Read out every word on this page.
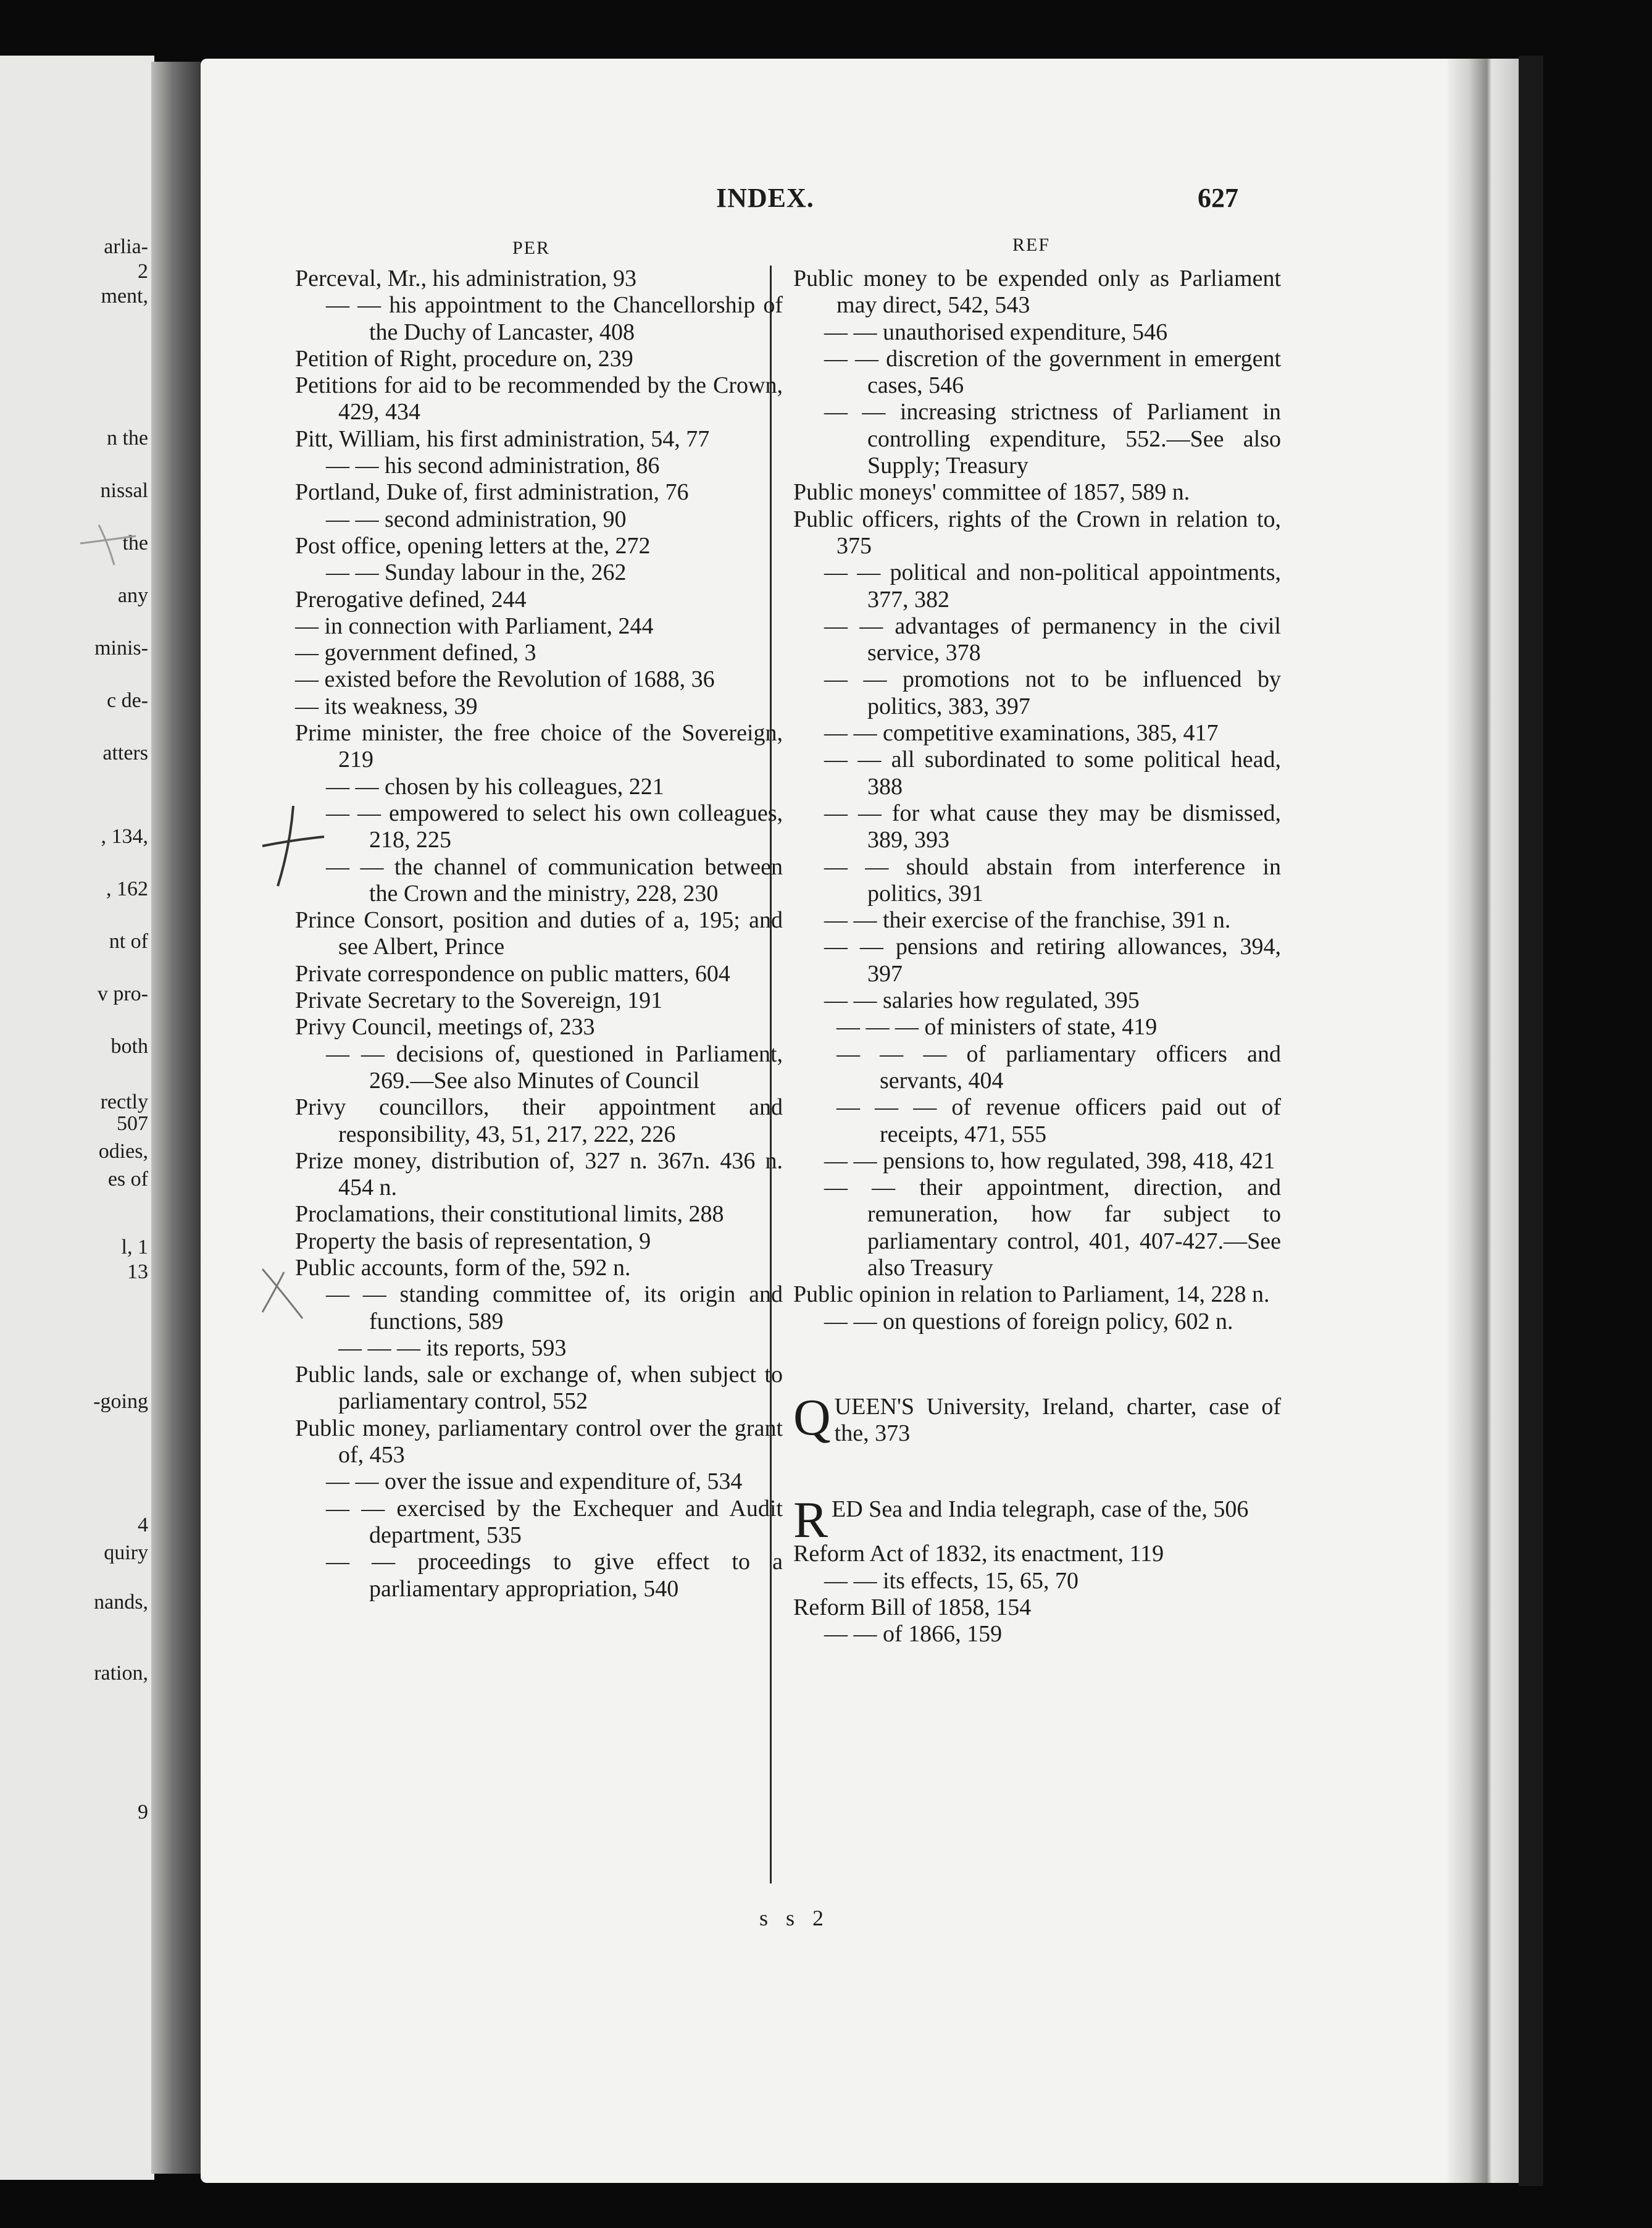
arlia-
2
ment,
n the
nissal
the
any
minis-
c de-
atters
, 134,
, 162
nt of
v pro-
both
rectly
507
odies,
es of
l, 1
13
-going
4
quiry
nands,
ration,
9
INDEX.	627
PER	REF
Perceval, Mr., his administration, 93
— — his appointment to the Chancellorship of the Duchy of Lancaster, 408
Petition of Right, procedure on, 239
Petitions for aid to be recommended by the Crown, 429, 434
Pitt, William, his first administration, 54, 77
— — his second administration, 86
Portland, Duke of, first administration, 76
— — second administration, 90
Post office, opening letters at the, 272
— — Sunday labour in the, 262
Prerogative defined, 244
— in connection with Parliament, 244
— government defined, 3
— existed before the Revolution of 1688, 36
— its weakness, 39
Prime minister, the free choice of the Sovereign, 219
— — chosen by his colleagues, 221
— — empowered to select his own colleagues, 218, 225
— — the channel of communication between the Crown and the ministry, 228, 230
Prince Consort, position and duties of a, 195; and see Albert, Prince
Private correspondence on public matters, 604
Private Secretary to the Sovereign, 191
Privy Council, meetings of, 233
— — decisions of, questioned in Parliament, 269.—See also Minutes of Council
Privy councillors, their appointment and responsibility, 43, 51, 217, 222, 226
Prize money, distribution of, 327 n. 367n. 436 n. 454 n.
Proclamations, their constitutional limits, 288
Property the basis of representation, 9
Public accounts, form of the, 592 n.
— — standing committee of, its origin and functions, 589
— — — its reports, 593
Public lands, sale or exchange of, when subject to parliamentary control, 552
Public money, parliamentary control over the grant of, 453
— — over the issue and expenditure of, 534
— — exercised by the Exchequer and Audit department, 535
— — proceedings to give effect to a parliamentary appropriation, 540
Public money to be expended only as Parliament may direct, 542, 543
— — unauthorised expenditure, 546
— — discretion of the government in emergent cases, 546
— — increasing strictness of Parliament in controlling expenditure, 552.—See also Supply; Treasury
Public moneys' committee of 1857, 589 n.
Public officers, rights of the Crown in relation to, 375
— — political and non-political appointments, 377, 382
— — advantages of permanency in the civil service, 378
— — promotions not to be influenced by politics, 383, 397
— — competitive examinations, 385, 417
— — all subordinated to some political head, 388
— — for what cause they may be dismissed, 389, 393
— — should abstain from interference in politics, 391
— — their exercise of the franchise, 391 n.
— — pensions and retiring allowances, 394, 397
— — salaries how regulated, 395
— — — of ministers of state, 419
— — — of parliamentary officers and servants, 404
— — — of revenue officers paid out of receipts, 471, 555
— — pensions to, how regulated, 398, 418, 421
— — their appointment, direction, and remuneration, how far subject to parliamentary control, 401, 407-427.—See also Treasury
Public opinion in relation to Parliament, 14, 228 n.
— — on questions of foreign policy, 602 n.
Q UEEN'S University, Ireland, charter, case of the, 373
R ED Sea and India telegraph, case of the, 506
Reform Act of 1832, its enactment, 119
— — its effects, 15, 65, 70
Reform Bill of 1858, 154
— — of 1866, 159
s s 2
